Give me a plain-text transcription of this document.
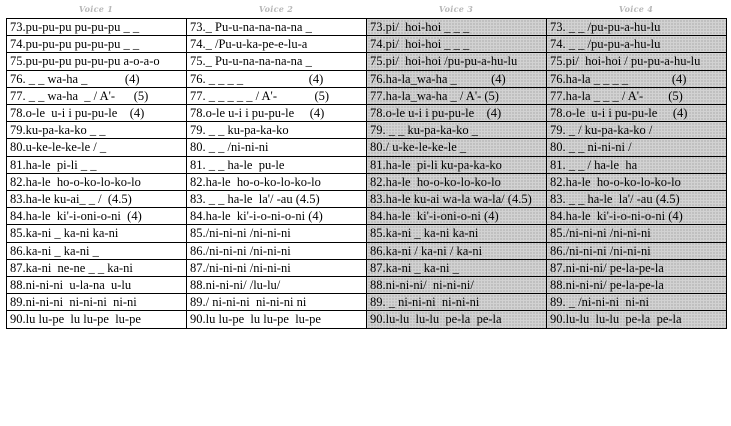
Voice 1	Voice 2	Voice 3	Voice 4
73.pu-pu-pu pu-pu-pu _ _	73._ Pu-u-na-na-na-na _	73.pi/  hoi-hoi _ _ _	73. _ _ /pu-pu-a-hu-lu
74.pu-pu-pu pu-pu-pu _ _	74._ /Pu-u-ka-pe-e-lu-a	74.pi/  hoi-hoi _ _ _	74. _ _ /pu-pu-a-hu-lu
75.pu-pu-pu pu-pu-pu a-o-a-o	75._ Pu-u-na-na-na-na _	75.pi/  hoi-hoi /pu-pu-a-hu-lu	75.pi/  hoi-hoi / pu-pu-a-hu-lu
76. _ _ wa-ha _            (4)	76. _ _ _ _                     (4)	76.ha-la_wa-ha _           (4)	76.ha-la _ _ _ _              (4)
77. _ _ wa-ha  _ / A'-      (5)	77. _ _ _ _ _ / A'-            (5)	77.ha-la_wa-ha _ / A'- (5)	77.ha-la _ _ _ / A'-        (5)
78.o-le  u-i i pu-pu-le    (4)	78.o-le u-i i pu-pu-le     (4)	78.o-le u-i i pu-pu-le    (4)	78.o-le  u-i i pu-pu-le     (4)
79.ku-pa-ka-ko _ _	79. _ _ ku-pa-ka-ko	79. _ _ ku-pa-ka-ko _	79. _ / ku-pa-ka-ko /
80.u-ke-le-ke-le / _	80. _ _ /ni-ni-ni	80./ u-ke-le-ke-le _	80. _ _ ni-ni-ni /
81.ha-le  pi-li _ _	81. _ _ ha-le  pu-le	81.ha-le  pi-li ku-pa-ka-ko	81. _ _ / ha-le  ha
82.ha-le  ho-o-ko-lo-ko-lo	82.ha-le  ho-o-ko-lo-ko-lo	82.ha-le  ho-o-ko-lo-ko-lo	82.ha-le  ho-o-ko-lo-ko-lo
83.ha-le ku-ai_ _ /  (4.5)	83. _ _ ha-le  la'/ -au (4.5)	83.ha-le ku-ai wa-la wa-la/ (4.5)	83. _ _ ha-le  la'/ -au (4.5)
84.ha-le  ki'-i-oni-o-ni  (4)	84.ha-le  ki'-i-o-ni-o-ni (4)	84.ha-le  ki'-i-oni-o-ni (4)	84.ha-le  ki'-i-o-ni-o-ni (4)
85.ka-ni _ ka-ni ka-ni	85./ni-ni-ni /ni-ni-ni	85.ka-ni _ ka-ni ka-ni	85./ni-ni-ni /ni-ni-ni
86.ka-ni _ ka-ni _	86./ni-ni-ni /ni-ni-ni	86.ka-ni / ka-ni / ka-ni	86./ni-ni-ni /ni-ni-ni
87.ka-ni  ne-ne _ _ ka-ni	87./ni-ni-ni /ni-ni-ni	87.ka-ni _ ka-ni _	87.ni-ni-ni/ pe-la-pe-la
88.ni-ni-ni  u-la-na  u-lu	88.ni-ni-ni/ /lu-lu/	88.ni-ni-ni/  ni-ni-ni/	88.ni-ni-ni/ pe-la-pe-la
89.ni-ni-ni  ni-ni-ni  ni-ni	89./ ni-ni-ni  ni-ni-ni ni	89. _ ni-ni-ni  ni-ni-ni	89. _ /ni-ni-ni  ni-ni
90.lu lu-pe  lu lu-pe  lu-pe	90.lu lu-pe  lu lu-pe  lu-pe	90.lu-lu  lu-lu  pe-la  pe-la	90.lu-lu  lu-lu  pe-la  pe-la
